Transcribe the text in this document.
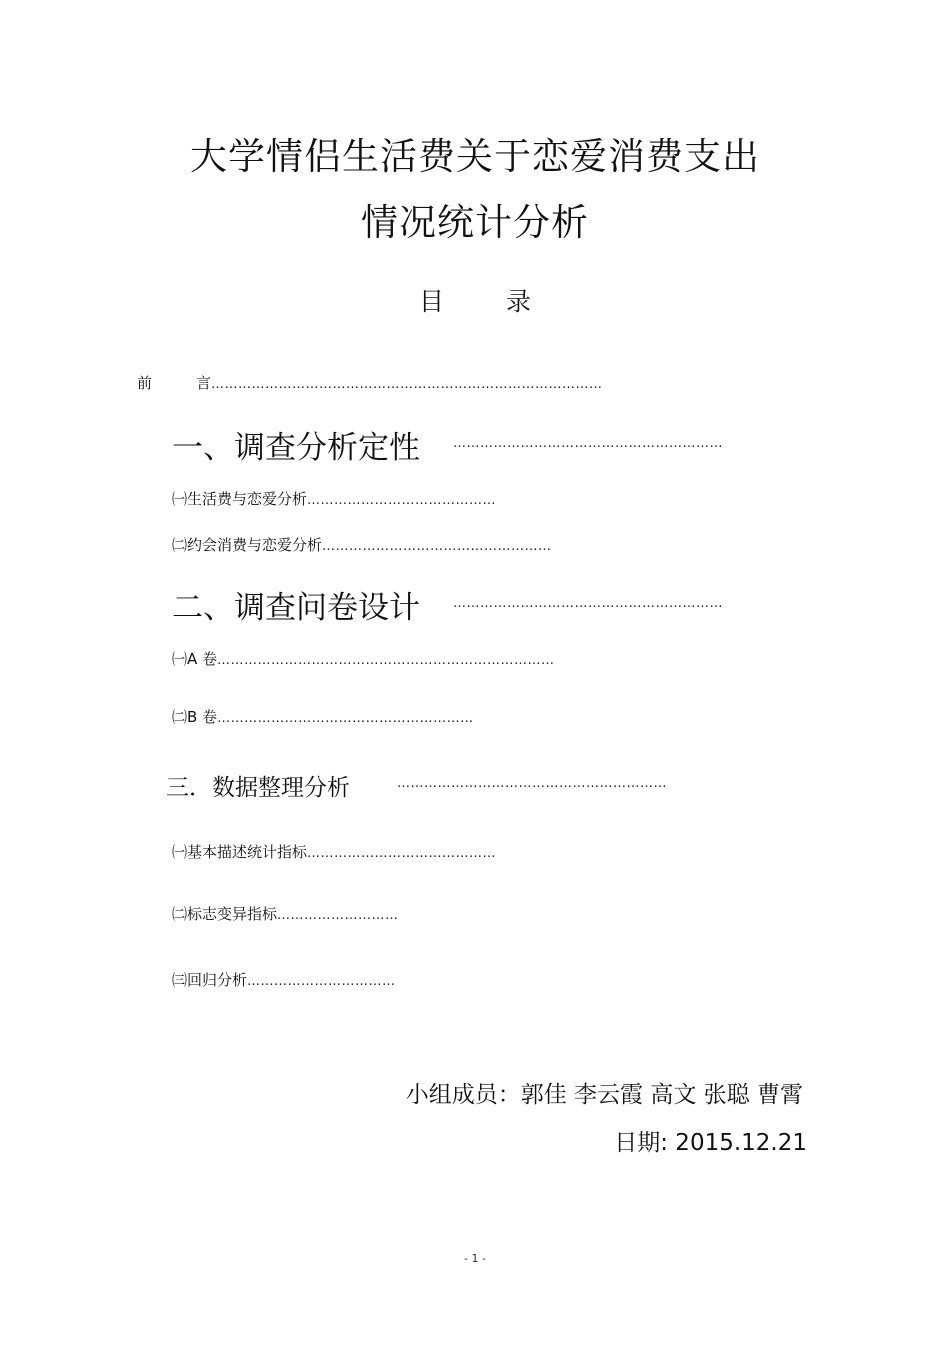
大学情侣生活费关于恋爱消费支出
情况统计分析
目 录
前	言……………………………………………………………………………
一、调查分析定性	……………………………………………………
㈠生活费与恋爱分析……………………………………
㈡约会消费与恋爱分析……………………………………………
二、调查问卷设计	……………………………………………………
㈠A 卷…………………………………………………………………
㈡B 卷…………………………………………………
三．数据整理分析	……………………………………………………
㈠基本描述统计指标……………………………………
㈡标志变异指标………………………
㈢回归分析……………………………
小组成员：郭佳 李云霞 高文 张聪 曹霄
日期: 2015.12.21
- 1 -
